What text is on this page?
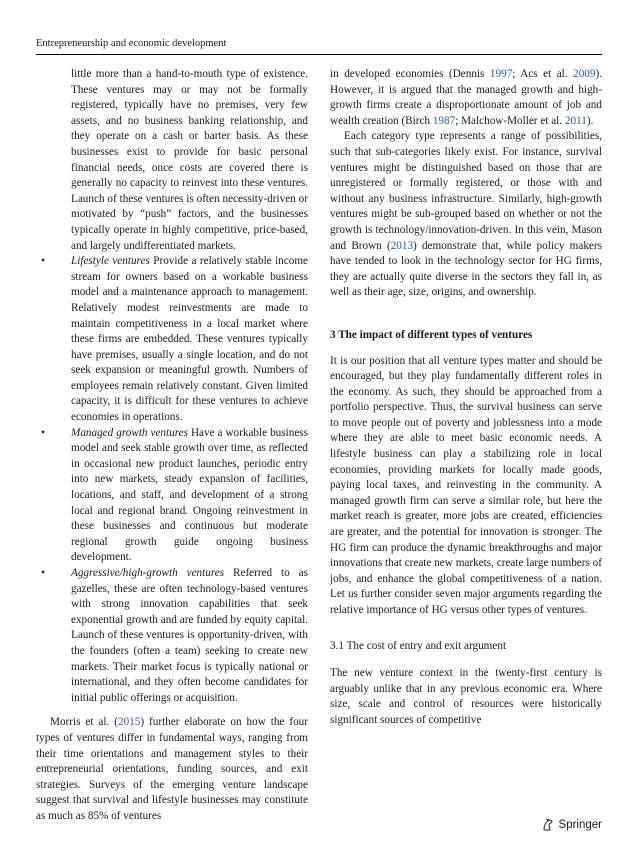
Entrepreneurship and economic development

little more than a hand-to-mouth type of existence. These ventures may or may not be formally registered, typically have no premises, very few assets, and no business banking relationship, and they operate on a cash or barter basis. As these businesses exist to provide for basic personal financial needs, once costs are covered there is generally no capacity to reinvest into these ventures. Launch of these ventures is often necessity-driven or motivated by “push” factors, and the businesses typically operate in highly competitive, price-based, and largely undifferentiated markets.

• Lifestyle ventures Provide a relatively stable income stream for owners based on a workable business model and a maintenance approach to management. Relatively modest reinvestments are made to maintain competitiveness in a local market where these firms are embedded. These ventures typically have premises, usually a single location, and do not seek expansion or meaningful growth. Numbers of employees remain relatively constant. Given limited capacity, it is difficult for these ventures to achieve economies in operations.

• Managed growth ventures Have a workable business model and seek stable growth over time, as reflected in occasional new product launches, periodic entry into new markets, steady expansion of facilities, locations, and staff, and development of a strong local and regional brand. Ongoing reinvestment in these businesses and continuous but moderate regional growth guide ongoing business development.

• Aggressive/high-growth ventures Referred to as gazelles, these are often technology-based ventures with strong innovation capabilities that seek exponential growth and are funded by equity capital. Launch of these ventures is opportunity-driven, with the founders (often a team) seeking to create new markets. Their market focus is typically national or international, and they often become candidates for initial public offerings or acquisition.

Morris et al. (2015) further elaborate on how the four types of ventures differ in fundamental ways, ranging from their time orientations and management styles to their entrepreneurial orientations, funding sources, and exit strategies. Surveys of the emerging venture landscape suggest that survival and lifestyle businesses may constitute as much as 85% of ventures

in developed economies (Dennis 1997; Acs et al. 2009). However, it is argued that the managed growth and high-growth firms create a disproportionate amount of job and wealth creation (Birch 1987; Malchow-Moller et al. 2011).

Each category type represents a range of possibilities, such that sub-categories likely exist. For instance, survival ventures might be distinguished based on those that are unregistered or formally registered, or those with and without any business infrastructure. Similarly, high-growth ventures might be sub-grouped based on whether or not the growth is technology/innovation-driven. In this vein, Mason and Brown (2013) demonstrate that, while policy makers have tended to look in the technology sector for HG firms, they are actually quite diverse in the sectors they fall in, as well as their age, size, origins, and ownership.

3 The impact of different types of ventures

It is our position that all venture types matter and should be encouraged, but they play fundamentally different roles in the economy. As such, they should be approached from a portfolio perspective. Thus, the survival business can serve to move people out of poverty and joblessness into a mode where they are able to meet basic economic needs. A lifestyle business can play a stabilizing role in local economies, providing markets for locally made goods, paying local taxes, and reinvesting in the community. A managed growth firm can serve a similar role, but here the market reach is greater, more jobs are created, efficiencies are greater, and the potential for innovation is stronger. The HG firm can produce the dynamic breakthroughs and major innovations that create new markets, create large numbers of jobs, and enhance the global competitiveness of a nation. Let us further consider seven major arguments regarding the relative importance of HG versus other types of ventures.

3.1 The cost of entry and exit argument

The new venture context in the twenty-first century is arguably unlike that in any previous economic era. Where size, scale and control of resources were historically significant sources of competitive

Springer
